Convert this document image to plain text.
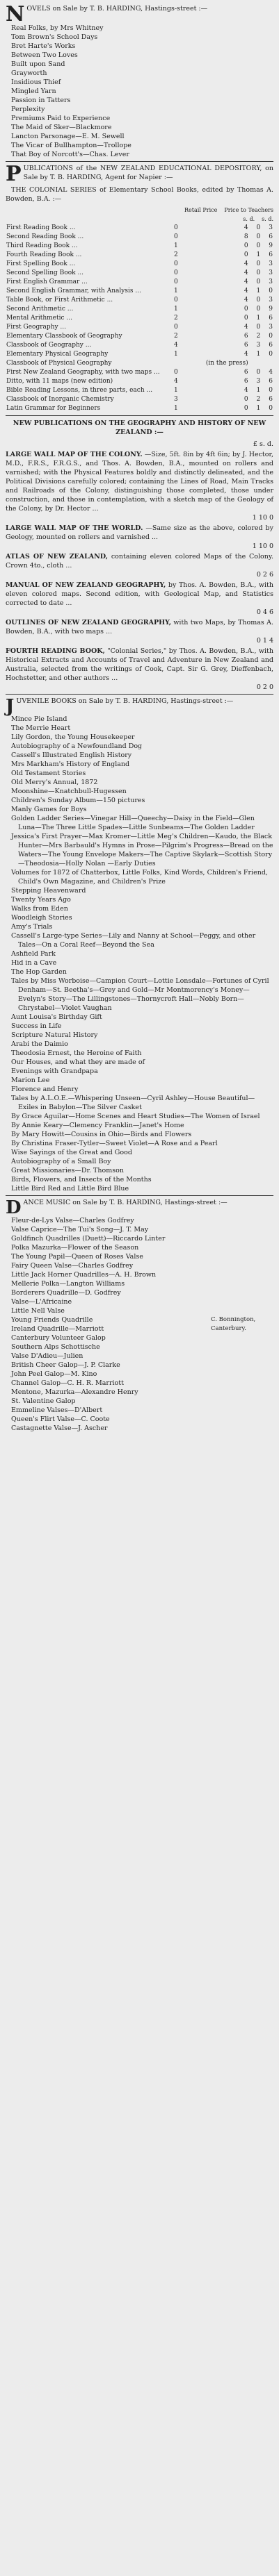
N OVELS on Sale by T. B. HARDING, Hastings-street :—
Real Folks, by Mrs Whitney
Tom Brown's School Days
Bret Harte's Works
Between Two Loves
Built upon Sand
Grayworth
Insidious Thief
Mingled Yarn
Passion in Tatters
Perplexity
Premiums Paid to Experience
The Maid of Sker—Blackmore
Lancton Parsonage—E. M. Sewell
The Vicar of Bullhampton—Trollope
That Boy of Norcott's—Chas. Lever
P UBLICATIONS of the NEW ZEALAND EDUCATIONAL DEPOSITORY, on Sale by T. B. HARDING, Agent for Napier :—
THE COLONIAL SERIES of Elementary School Books, edited by Thomas A. Bowden, B.A. :—
Retail Price Price to Teachers
s. d. s. d.
First Reading Book ...	0	4	0	3
Second Reading Book ...	0	8	0	6
Third Reading Book ...	1	0	0	9
Fourth Reading Book ...	2	0	1	6
First Spelling Book ...	0	4	0	3
Second Spelling Book ...	0	4	0	3
First English Grammar ...	0	4	0	3
Second English Grammar, with Analysis ...	1	4	1	0
Table Book, or First Arithmetic ...	0	4	0	3
Second Arithmetic ...	1	0	0	9
Mental Arithmetic ...	2	0	1	6
First Geography ...	0	4	0	3
Elementary Classbook of Geography	2	6	2	0
Classbook of Geography ...	4	6	3	6
Elementary Physical Geography	1	4	1	0
Classbook of Physical Geography		(in the press)		
First New Zealand Geography, with two maps ...	0	6	0	4
Ditto, with 11 maps (new edition)	4	6	3	6
Bible Reading Lessons, in three parts, each ...	1	4	1	0
Classbook of Inorganic Chemistry	3	0	2	6
Latin Grammar for Beginners	1	0	1	0
NEW PUBLICATIONS ON THE GEOGRAPHY AND HISTORY OF NEW ZEALAND :—
£ s. d.
LARGE WALL MAP OF THE COLONY. —Size, 5ft. 8in by 4ft 6in; by J. Hector, M.D., F.R.S., F.R.G.S., and Thos. A. Bowden, B.A., mounted on rollers and varnished; with the Physical Features boldly and distinctly delineated, and the Political Divisions carefully colored; containing the Lines of Road, Main Tracks and Railroads of the Colony, distinguishing those completed, those under construction, and those in contemplation, with a sketch map of the Geology of the Colony, by Dr. Hector ...
1 10 0
LARGE WALL MAP OF THE WORLD. —Same size as the above, colored by Geology, mounted on rollers and varnished ...
1 10 0
ATLAS OF NEW ZEALAND, containing eleven colored Maps of the Colony. Crown 4to., cloth ...
0 2 6
MANUAL OF NEW ZEALAND GEOGRAPHY, by Thos. A. Bowden, B.A., with eleven colored maps. Second edition, with Geological Map, and Statistics corrected to date ...
0 4 6
OUTLINES OF NEW ZEALAND GEOGRAPHY, with two Maps, by Thomas A. Bowden, B.A., with two maps ...
0 1 4
FOURTH READING BOOK, "Colonial Series," by Thos. A. Bowden, B.A., with Historical Extracts and Accounts of Travel and Adventure in New Zealand and Australia, selected from the writings of Cook, Capt. Sir G. Grey, Dieffenbach, Hochstetter, and other authors ...
0 2 0
J UVENILE BOOKS on Sale by T. B. HARDING, Hastings-street :—
Mince Pie Island
The Merrie Heart
Lily Gordon, the Young Housekeeper
Autobiography of a Newfoundland Dog
Cassell's Illustrated English History
Mrs Markham's History of England
Old Testament Stories
Old Merry's Annual, 1872
Moonshine—Knatchbull-Hugessen
Children's Sunday Album—150 pictures
Manly Games for Boys
Golden Ladder Series—Vinegar Hill—Queechy—Daisy in the Field—Glen Luna—The Three Little Spades—Little Sunbeams—The Golden Ladder
Jessica's First Prayer—Max Kromer—Little Meg's Children—Kaudo, the Black Hunter—Mrs Barbauld's Hymns in Prose—Pilgrim's Progress—Bread on the Waters—The Young Envelope Makers—The Captive Skylark—Scottish Story—Theodosia—Holly Nolan —Early Duties
Volumes for 1872 of Chatterbox, Little Folks, Kind Words, Children's Friend, Child's Own Magazine, and Children's Prize
Stepping Heavenward
Twenty Years Ago
Walks from Eden
Woodleigh Stories
Amy's Trials
Cassell's Large-type Series—Lily and Nanny at School—Peggy, and other Tales—On a Coral Reef—Beyond the Sea
Ashfield Park
Hid in a Cave
The Hop Garden
Tales by Miss Worboise—Campion Court—Lottie Lonsdale—Fortunes of Cyril Denham—St. Beetha's—Grey and Gold—Mr Montmorency's Money—Evelyn's Story—The Lillingstones—Thornycroft Hall—Nobly Born—Chrystabel—Violet Vaughan
Aunt Louisa's Birthday Gift
Success in Life
Scripture Natural History
Arabi the Daimio
Theodosia Ernest, the Heroine of Faith
Our Houses, and what they are made of
Evenings with Grandpapa
Marion Lee
Florence and Henry
Tales by A.L.O.E.—Whispering Unseen—Cyril Ashley—House Beautiful—Exiles in Babylon—The Silver Casket
By Grace Aguilar—Home Scenes and Heart Studies—The Women of Israel
By Annie Keary—Clemency Franklin—Janet's Home
By Mary Howitt—Cousins in Ohio—Birds and Flowers
By Christina Fraser-Tytler—Sweet Violet—A Rose and a Pearl
Wise Sayings of the Great and Good
Autobiography of a Small Boy
Great Missionaries—Dr. Thomson
Birds, Flowers, and Insects of the Months
Little Bird Red and Little Bird Blue
D ANCE MUSIC on Sale by T. B. HARDING, Hastings-street :—
Fleur-de-Lys Valse—Charles Godfrey
Valse Caprice—The Tui's Song—J. T. May
Goldfinch Quadrilles (Duett)—Riccardo Linter
Polka Mazurka—Flower of the Season
The Young Papil—Queen of Roses Valse
Fairy Queen Valse—Charles Godfrey
Little Jack Horner Quadrilles—A. H. Brown
Mellerie Polka—Langton Williams
Borderers Quadrille—D. Godfrey
Valse—L'Africaine
Little Nell Valse
Young Friends Quadrille
Ireland Quadrille—Marriott
Canterbury Volunteer Galop
Southern Alps Schottische
Valse D'Adieu—Julien
British Cheer Galop—J. P. Clarke
John Peel Galop—M. Kino
Channel Galop—C. H. R. Marriott
Mentone, Mazurka—Alexandre Henry
St. Valentine Galop
Emmeline Valses—D'Albert
Queen's Flirt Valse—C. Coote
Castagnette Valse—J. Ascher
C. Bonnington, Canterbury.
